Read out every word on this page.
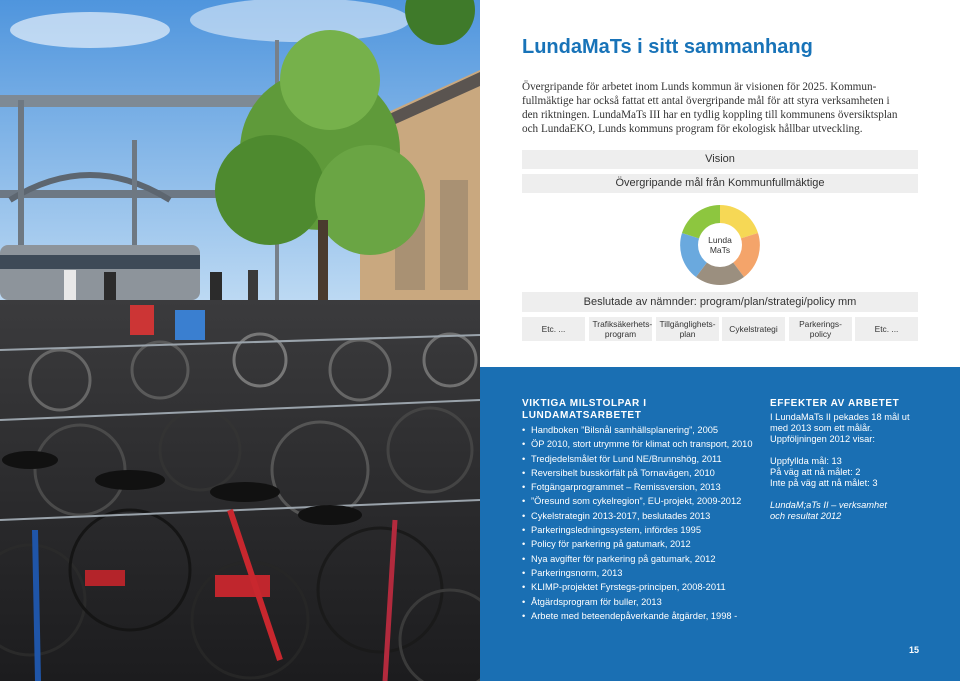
LundaMaTs i sitt sammanhang
Övergripande för arbetet inom Lunds kommun är visionen för 2025. Kommun-
fullmäktige har också fattat ett antal övergripande mål för att styra verksamheten i
den riktningen. LundaMaTs III har en tydlig koppling till kommunens översiktsplan
och LundaEKO, Lunds kommuns program för ekologisk hållbar utveckling.
Vision
Övergripande mål från Kommunfullmäktige
Lunda
MaTs
Beslutade av nämnder: program/plan/strategi/policy mm
Etc. ...	Trafiksäkerhets- program
Tillgänglighets- plan	Cykelstrategi	Parkerings- policy	Etc. ...
VIKTIGA MILSTOLPAR I LUNDAMATSARBETET
• Handboken ”Bilsnål samhällsplanering”, 2005
• ÖP 2010, stort utrymme för klimat och transport, 2010
• Tredjedelsmålet för Lund NE/Brunnshög, 2011
• Reversibelt busskörfält på Tornavägen, 2010
• Fotgängarprogrammet – Remissversion, 2013
• ”Öresund som cykelregion”, EU-projekt, 2009-2012
• Cykelstrategin 2013-2017, beslutades 2013
• Parkeringsledningssystem, infördes 1995
• Policy för parkering på gatumark, 2012
• Nya avgifter för parkering på gatumark, 2012
• Parkeringsnorm, 2013
• KLIMP-projektet Fyrstegs-principen, 2008-2011
• Åtgärdsprogram för buller, 2013
• Arbete med beteendepåverkande åtgärder, 1998 -
EFFEKTER AV ARBETET
I LundaMaTs II pekades 18 mål ut med 2013 som ett målår. Uppföljningen 2012 visar:
Uppfyllda mål: 13
På väg att nå målet: 2
Inte på väg att nå målet: 3
LundaM;aTs II – verksamhet och resultat 2012
15
